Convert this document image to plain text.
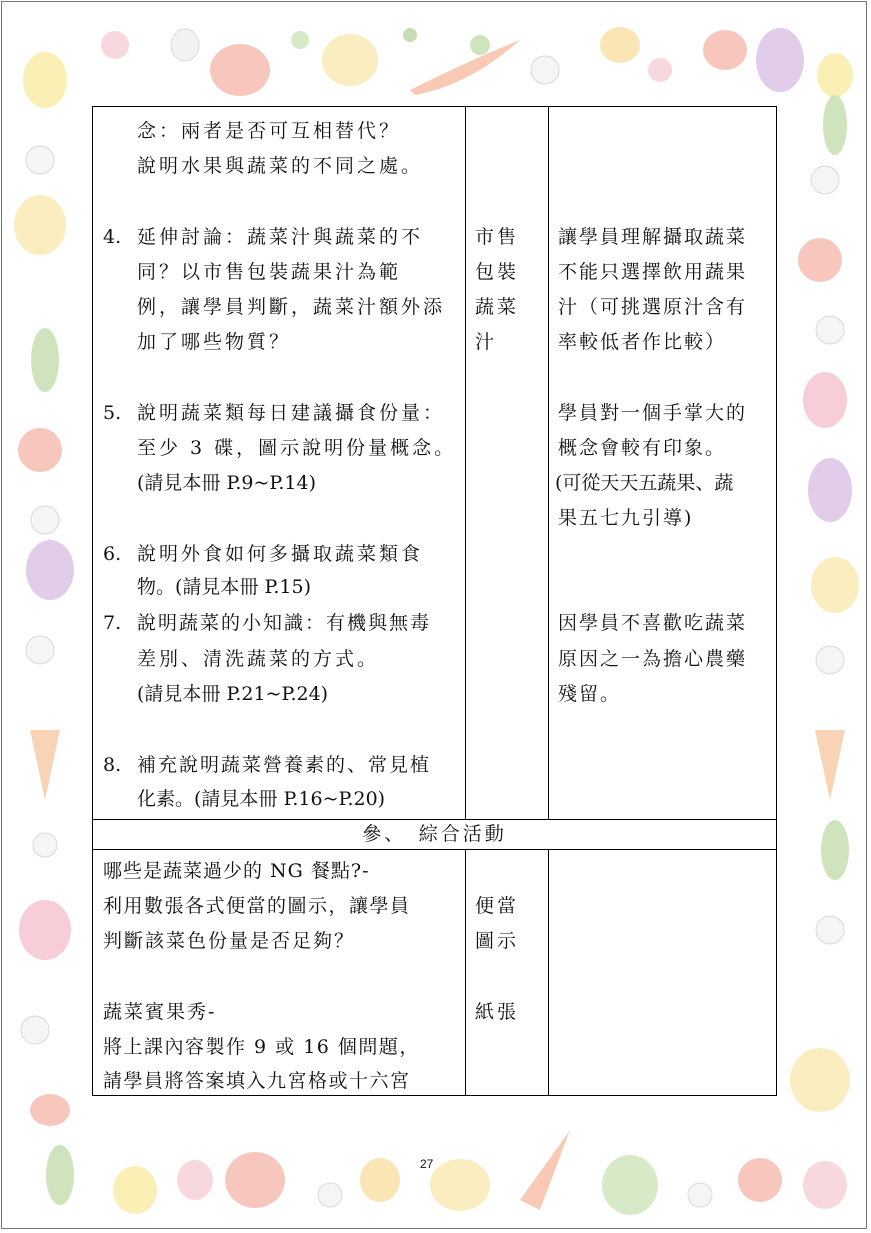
念：兩者是否可互相替代？
說明水果與蔬菜的不同之處。
4. 延伸討論：蔬菜汁與蔬菜的不
同？以市售包裝蔬果汁為範
例，讓學員判斷，蔬菜汁額外添
加了哪些物質？
5. 說明蔬菜類每日建議攝食份量：
至少 3 碟，圖示說明份量概念。
(請見本冊 P.9~P.14)
6. 說明外食如何多攝取蔬菜類食
物。(請見本冊 P.15)
7. 說明蔬菜的小知識：有機與無毒
差別、清洗蔬菜的方式。
(請見本冊 P.21~P.24)
8. 補充說明蔬菜營養素的、常見植
化素。(請見本冊 P.16~P.20)
市售
包裝
蔬菜
汁
讓學員理解攝取蔬菜
不能只選擇飲用蔬果
汁（可挑選原汁含有
率較低者作比較）
學員對一個手掌大的
概念會較有印象。
(可從天天五蔬果、蔬
果五七九引導)
因學員不喜歡吃蔬菜
原因之一為擔心農藥
殘留。
參、　綜合活動
哪些是蔬菜過少的 NG 餐點?-
利用數張各式便當的圖示，讓學員
判斷該菜色份量是否足夠？
蔬菜賓果秀-
將上課內容製作 9 或 16 個問題，
請學員將答案填入九宮格或十六宮
便當
圖示
紙張
27
